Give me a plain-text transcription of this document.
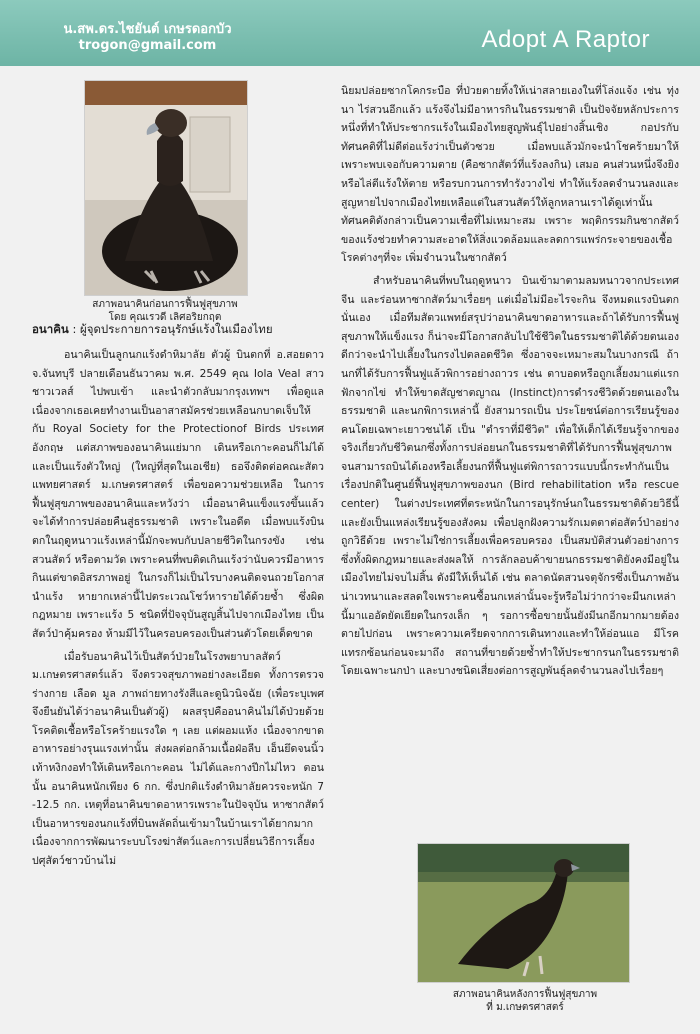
น.สพ.ดร.ไชยันต์ เกษรดอกบัว
trogon@gmail.com	Adopt A Raptor
สภาพอนาคินก่อนการฟื้นฟูสุขภาพ
โดย คุณเรวดี เลิศอริยกฤต
อนาคิน : ผู้จุดประกายการอนุรักษ์แร้งในเมืองไทย

อนาคินเป็นลูกนกแร้งดำหิมาลัย ตัวผู้ บินตกที่ อ.สอยดาว จ.จันทบุรี ปลายเดือนธันวาคม พ.ศ. 2549 คุณ Iola Veal สาวชาวเวลส์ ไปพบเข้า และนำตัวกลับมากรุงเทพฯ เพื่อดูแล เนื่องจากเธอเคยทำงานเป็นอาสาสมัครช่วยเหลือนกบาดเจ็บให้กับ Royal Society for the Protectionof Birds ประเทศอังกฤษ แต่สภาพของอนาคินแย่มาก เดินหรือเกาะคอนก็ไม่ได้และเป็นแร้งตัวใหญ่ (ใหญ่ที่สุดในเอเชีย) ธอจึงติดต่อคณะสัตวแพทยศาสตร์ ม.เกษตรศาสตร์ เพื่อขอความช่วยเหลือ ในการฟื้นฟูสุขภาพของอนาคินและหวังว่า เมื่ออนาคินแข็งแรงขึ้นแล้วจะได้ทำการปล่อยคืนสู่ธรรมชาติ เพราะในอดีต เมื่อพบแร้งบินตกในฤดูหนาวแร้งเหล่านี้มักจะพบกับปลายชีวิตในกรงขัง เช่น สวนสัตว์ หรือตามวัด เพราะคนที่พบติดเกินแร้งว่านับควรมีอาหารกินแต่ขาดอิสรภาพอยู่ ในกรงก็ไม่เป็นไรบางคนติดจนถวยโอกาสนำแร้ง หายากเหล่านี้ไปตระเวณโชว์หารายได้ด้วยซ้ำ ซึ่งผิดกฎหมาย เพราะแร้ง 5 ชนิดที่ปัจจุบันสูญสิ้นไปจากเมืองไทย เป็นสัตว์ป่าคุ้มครอง ห้ามมีไว้ในครอบครองเป็นส่วนตัวโดยเด็ดขาด

เมื่อรับอนาคินไว้เป็นสัตว์ป่วยในโรงพยาบาลสัตว์ ม.เกษตรศาสตร์แล้ว จึงตรวจสุขภาพอย่างละเอียด ทั้งการตรวจร่างกาย เลือด มูล ภาพถ่ายทางรังสีและดูนิวนิจฉัย (เพื่อระบุเพศ จึงยืนยันได้ว่าอนาคินเป็นตัวผู้) ผลสรุปคืออนาคินไม่ได้ป่วยด้วยโรคติดเชื้อหรือโรคร้ายแรงใด ๆ เลย แต่ผอมแห้ง เนื่องจากขาดอาหารอย่างรุนแรงเท่านั้น ส่งผลต่อกล้ามเนื้อฝ่อลีบ เอ็นยึดจนนิ้วเท้าหงิกงอทำให้เดินหรือเกาะคอน ไม่ได้และกางปีกไม่ไหว ตอนนั้น อนาคินหนักเพียง 6 กก. ซึ่งปกติแร้งดำหิมาลัยควรจะหนัก 7 -12.5 กก. เหตุที่อนาคินขาดอาหารเพราะในปัจจุบัน หาซากสัตว์เป็นอาหารของนกแร้งที่บินพลัดถิ่นเข้ามาในบ้านเราได้ยากมาก เนื่องจากการพัฒนาระบบโรงฆ่าสัตว์และการเปลี่ยนวิธีการเลี้ยงปศุสัตว์ชาวบ้านไม่

นิยมปล่อยซากโคกระบือ ที่ป่วยตายทิ้งให้เน่าสลายเองในที่โล่งแจ้ง เช่น ทุ่งนา ไร่สวนอีกแล้ว แร้งจึงไม่มีอาหารกินในธรรมชาติ เป็นปัจจัยหลักประการหนึ่งที่ทำให้ประชากรแร้งในเมืองไทยสูญพันธุ์ไปอย่างสิ้นเชิง กอปรกับทัศนคติที่ไม่ดีต่อแร้งว่าเป็นตัวซวย เมื่อพบแล้วมักจะนำโชคร้ายมาให้ เพราะพบเจอกับความตาย (คือซากสัตว์ที่แร้งลงกิน) เสมอ คนส่วนหนึ่งจึงยิงหรือไล่ตีแร้งให้ตาย หรือรบกวนการทำรังวางไข่ ทำให้แร้งลดจำนวนลงและ สูญหายไปจากเมืองไทยเหลือแต่ในสวนสัตว์ให้ลูกหลานเราได้ดูเท่านั้นทัศนคติดังกล่าวเป็นความเชื่อที่ไม่เหมาะสม เพราะ พฤติกรรมกินซากสัตว์ของแร้งช่วยทำความสะอาดให้สิ่งแวดล้อมและลดการแพร่กระจายของเชื้อโรคต่างๆที่จะ เพิ่มจำนวนในซากสัตว์

สำหรับอนาคินที่พบในฤดูหนาว บินเข้ามาตามลมหนาวจากประเทศจีน และร่อนหาซากสัตว์มาเรื่อยๆ แต่เมื่อไม่มีอะไรจะกิน จึงหมดแรงบินตกนั่นเอง เมื่อทีมสัตวแพทย์สรุปว่าอนาคินขาดอาหารและถ้าได้รับการฟื้นฟูสุขภาพให้แข็งแรง ก็น่าจะมีโอกาสกลับไปใช้ชีวิตในธรรมชาติได้ด้วยตนเอง ดีกว่าจะนำไปเลี้ยงในกรงไปตลอดชีวิต ซึ่งอาจจะเหมาะสมในบางกรณี ถ้านกที่ได้รับการฟื้นฟูแล้วพิการอย่างถาวร เช่น ตาบอดหรือถูกเลี้ยงมาแต่แรกฟักจากไข่ ทำให้ขาดสัญชาตญาณ (Instinct)การดำรงชีวิตด้วยตนเองในธรรมชาติ และนกพิการเหล่านี้ ยังสามารถเป็น ประโยชน์ต่อการเรียนรู้ของคนโดยเฉพาะเยาวชนได้ เป็น "ตำราที่มีชีวิต" เพื่อให้เด็กได้เรียนรู้จากของจริงเกี่ยวกับชีวิตนกซึ่งทั้งการปล่อยนกในธรรมชาติที่ได้รับการฟื้นฟูสุขภาพ จนสามารถบินได้เองหรือเลี้ยงนกที่ฟื้นฟูแต่พิการถาวรแบบนี้กระทำกันเป็นเรื่องปกติในศูนย์ฟื้นฟูสุขภาพของนก (Bird rehabilitation หรือ rescue center) ในต่างประเทศที่ตระหนักในการอนุรักษ์นกในธรรมชาติด้วยวิธีนี้ และยังเป็นแหล่งเรียนรู้ของสังคม เพื่อปลูกฝังความรักเมตตาต่อสัตว์ป่าอย่างถูกวิธีด้วย เพราะไม่ใช่การเลี้ยงเพื่อครอบครอง เป็นสมบัติส่วนตัวอย่างการซึ่งทั้งผิดกฎหมายและส่งผลให้ การลักลอบค้าขายนกธรรมชาติยังคงมีอยู่ในเมืองไทยไม่จบไม่สิ้น ดังมีให้เห็นได้ เช่น ตลาดนัดสวนจตุจักรซึ่งเป็นภาพอันน่าเวทนาและสลดใจเพราะคนซื้อนกเหล่านั้นจะรู้หรือไม่ว่ากว่าจะมีนกเหล่านี้มาแออัดยัดเยียดในกรงเล็ก ๆ รอการซื้อขายนั้นยังมีนกอีกมากมายต้องตายไปก่อน เพราะความเครียดจากการเดินทางและทำให้อ่อนแอ มีโรคแทรกซ้อนก่อนจะมาถึง สถานที่ขายด้วยซ้ำทำให้ประชากรนกในธรรมชาติ โดยเฉพาะนกป่า และบางชนิดเสี่ยงต่อการสูญพันธุ์ลดจำนวนลงไปเรื่อยๆ

สภาพอนาคินหลังการฟื้นฟูสุขภาพ
ที่ ม.เกษตรศาสตร์
